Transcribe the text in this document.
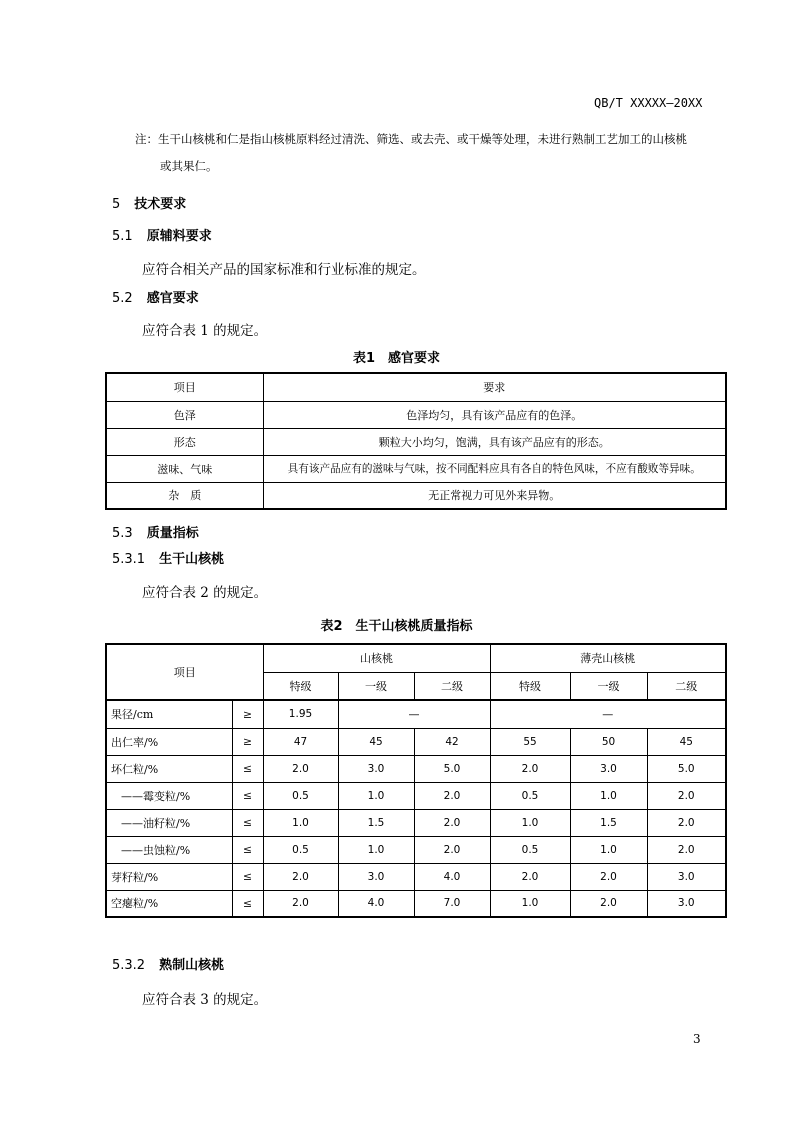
QB/T XXXXX—20XX
注：生干山核桃和仁是指山核桃原料经过清洗、筛选、或去壳、或干燥等处理，未进行熟制工艺加工的山核桃
或其果仁。
5 技术要求
5.1 原辅料要求
应符合相关产品的国家标准和行业标准的规定。
5.2 感官要求
应符合表 1 的规定。
表1　感官要求
项目	要求
色泽	色泽均匀，具有该产品应有的色泽。
形态	颗粒大小均匀，饱满，具有该产品应有的形态。
滋味、气味	具有该产品应有的滋味与气味，按不同配料应具有各自的特色风味，不应有酸败等异味。
杂　质	无正常视力可见外来异物。
5.3 质量指标
5.3.1 生干山核桃
应符合表 2 的规定。
表2　生干山核桃质量指标
项目		山核桃			薄壳山核桃		
		特级	一级	二级	特级	一级	二级
果径/cm	≥	1.95	—		—		
出仁率/%	≥	47	45	42	55	50	45
坏仁粒/%	≤	2.0	3.0	5.0	2.0	3.0	5.0
——霉变粒/%	≤	0.5	1.0	2.0	0.5	1.0	2.0
——油籽粒/%	≤	1.0	1.5	2.0	1.0	1.5	2.0
——虫蚀粒/%	≤	0.5	1.0	2.0	0.5	1.0	2.0
芽籽粒/%	≤	2.0	3.0	4.0	2.0	2.0	3.0
空瘪粒/%	≤	2.0	4.0	7.0	1.0	2.0	3.0
5.3.2 熟制山核桃
应符合表 3 的规定。
3
